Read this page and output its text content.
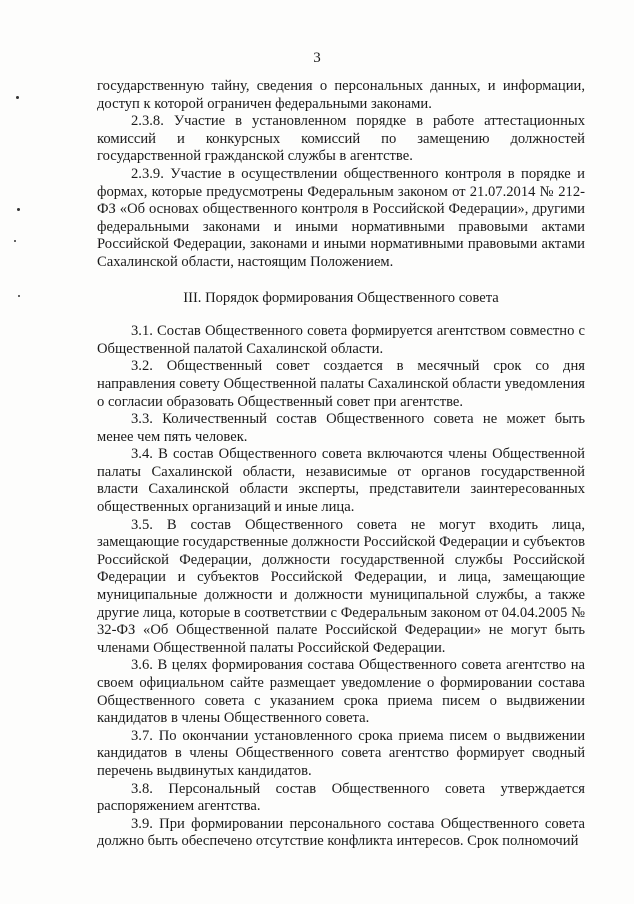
3

государственную тайну, сведения о персональных данных, и информации, доступ к которой ограничен федеральными законами.

2.3.8. Участие в установленном порядке в работе аттестационных комиссий и конкурсных комиссий по замещению должностей государственной гражданской службы в агентстве.

2.3.9. Участие в осуществлении общественного контроля в порядке и формах, которые предусмотрены Федеральным законом от 21.07.2014 № 212-ФЗ «Об основах общественного контроля в Российской Федерации», другими федеральными законами и иными нормативными правовыми актами Российской Федерации, законами и иными нормативными правовыми актами Сахалинской области, настоящим Положением.

III. Порядок формирования Общественного совета

3.1. Состав Общественного совета формируется агентством совместно с Общественной палатой Сахалинской области.

3.2. Общественный совет создается в месячный срок со дня направления совету Общественной палаты Сахалинской области уведомления о согласии образовать Общественный совет при агентстве.

3.3. Количественный состав Общественного совета не может быть менее чем пять человек.

3.4. В состав Общественного совета включаются члены Общественной палаты Сахалинской области, независимые от органов государственной власти Сахалинской области эксперты, представители заинтересованных общественных организаций и иные лица.

3.5. В состав Общественного совета не могут входить лица, замещающие государственные должности Российской Федерации и субъектов Российской Федерации, должности государственной службы Российской Федерации и субъектов Российской Федерации, и лица, замещающие муниципальные должности и должности муниципальной службы, а также другие лица, которые в соответствии с Федеральным законом от 04.04.2005 № 32-ФЗ «Об Общественной палате Российской Федерации» не могут быть членами Общественной палаты Российской Федерации.

3.6. В целях формирования состава Общественного совета агентство на своем официальном сайте размещает уведомление о формировании состава Общественного совета с указанием срока приема писем о выдвижении кандидатов в члены Общественного совета.

3.7. По окончании установленного срока приема писем о выдвижении кандидатов в члены Общественного совета агентство формирует сводный перечень выдвинутых кандидатов.

3.8. Персональный состав Общественного совета утверждается распоряжением агентства.

3.9. При формировании персонального состава Общественного совета должно быть обеспечено отсутствие конфликта интересов. Срок полномочий
